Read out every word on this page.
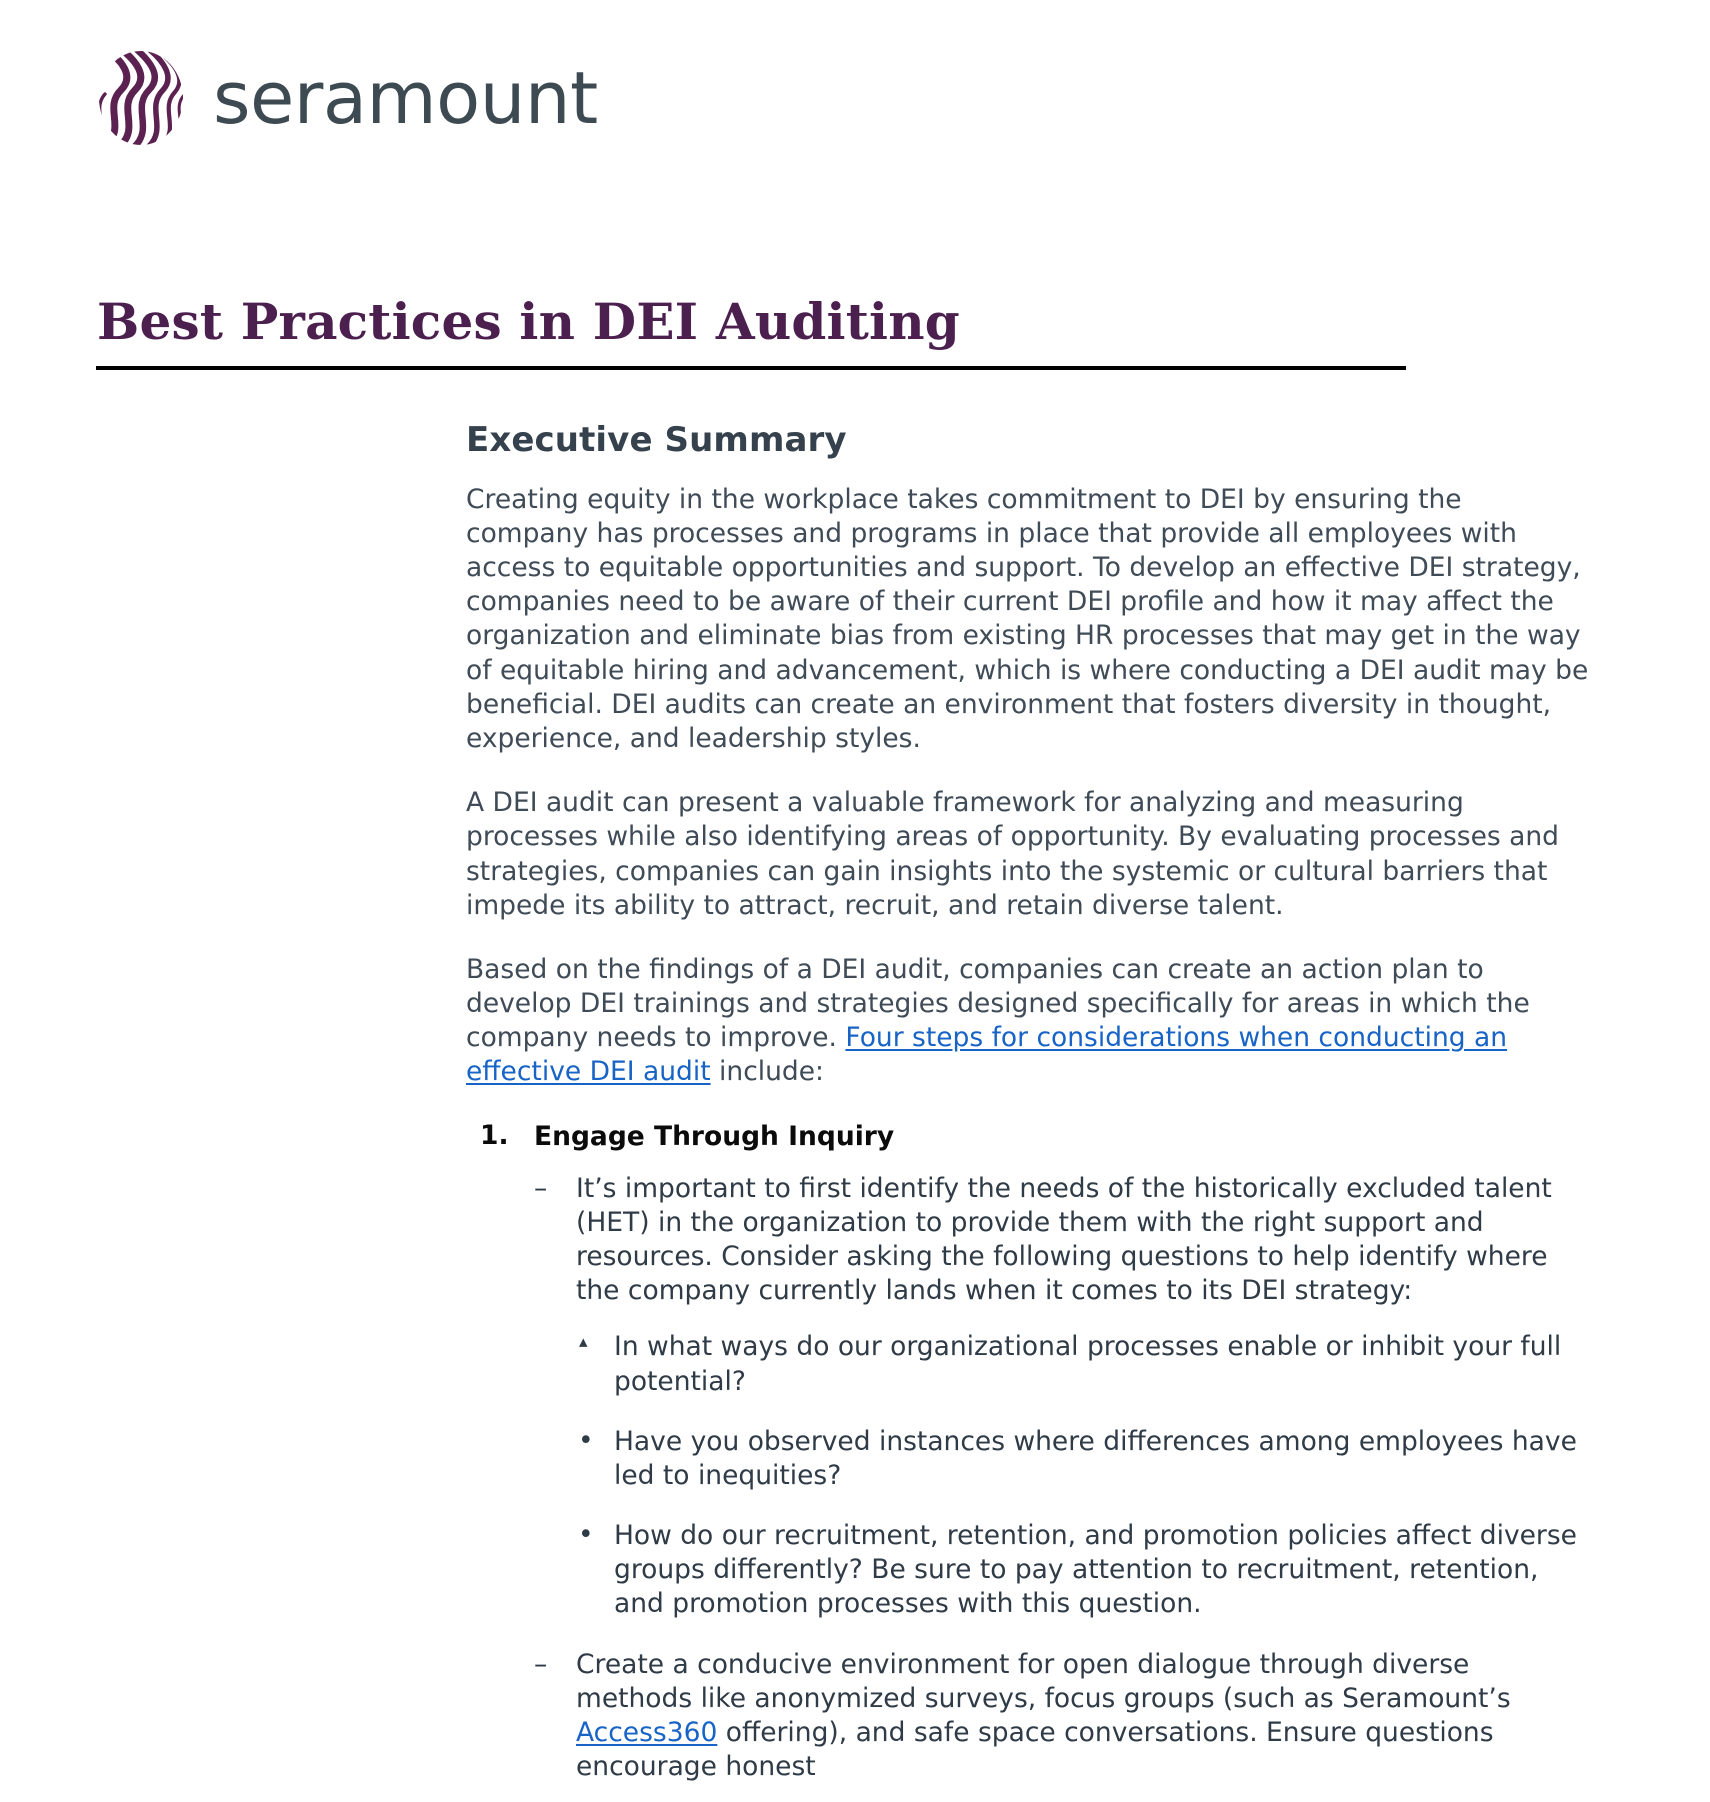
seramount
Best Practices in DEI Auditing
Executive Summary

Creating equity in the workplace takes commitment to DEI by ensuring the company has processes and programs in place that provide all employees with access to equitable opportunities and support. To develop an effective DEI strategy, companies need to be aware of their current DEI profile and how it may affect the organization and eliminate bias from existing HR processes that may get in the way of equitable hiring and advancement, which is where conducting a DEI audit may be beneficial. DEI audits can create an environment that fosters diversity in thought, experience, and leadership styles.

A DEI audit can present a valuable framework for analyzing and measuring processes while also identifying areas of opportunity. By evaluating processes and strategies, companies can gain insights into the systemic or cultural barriers that impede its ability to attract, recruit, and retain diverse talent.

Based on the findings of a DEI audit, companies can create an action plan to develop DEI trainings and strategies designed specifically for areas in which the company needs to improve. Four steps for considerations when conducting an effective DEI audit include:

1. Engage Through Inquiry
– It’s important to first identify the needs of the historically excluded talent (HET) in the organization to provide them with the right support and resources. Consider asking the following questions to help identify where the company currently lands when it comes to its DEI strategy:
▴ In what ways do our organizational processes enable or inhibit your full potential?
• Have you observed instances where differences among employees have led to inequities?
• How do our recruitment, retention, and promotion policies affect diverse groups differently? Be sure to pay attention to recruitment, retention, and promotion processes with this question.
– Create a conducive environment for open dialogue through diverse methods like anonymized surveys, focus groups (such as Seramount’s Access360 offering), and safe space conversations. Ensure questions encourage honest
